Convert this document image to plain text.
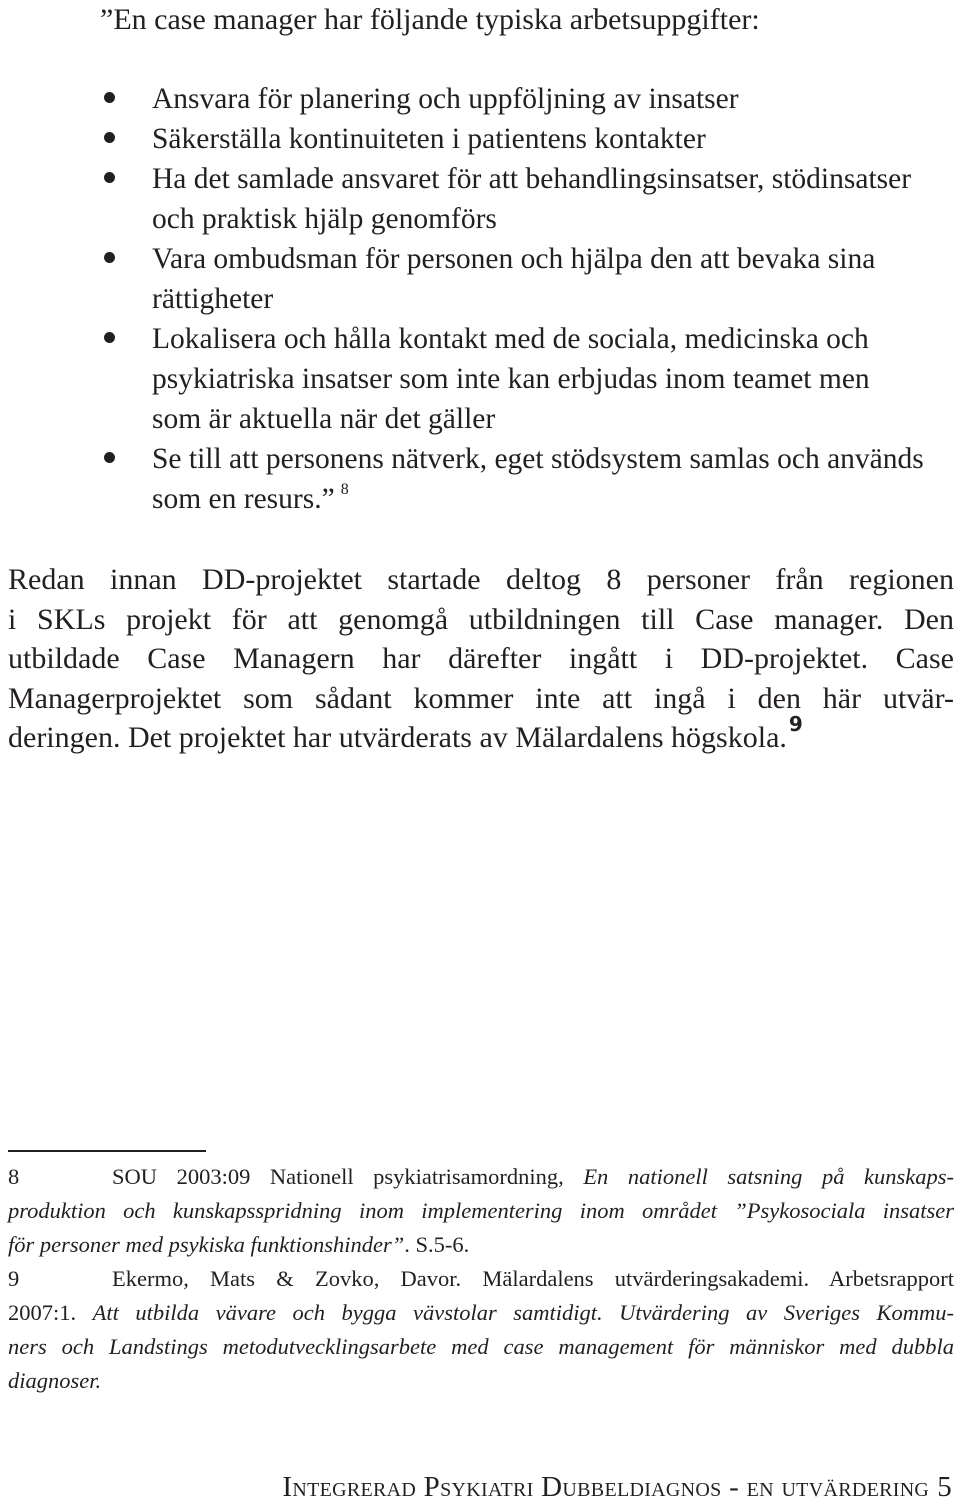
”En case manager har följande typiska arbetsuppgifter:

Ansvara för planering och uppföljning av insatser
Säkerställa kontinuiteten i patientens kontakter
Ha det samlade ansvaret för att behandlingsinsatser, stödinsatser
och praktisk hjälp genomförs
Vara ombudsman för personen och hjälpa den att bevaka sina
rättigheter
Lokalisera och hålla kontakt med de sociala, medicinska och
psykiatriska insatser som inte kan erbjudas inom teamet men
som är aktuella när det gäller
Se till att personens nätverk, eget stödsystem samlas och används
som en resurs.” $^8$
Redan innan DD-projektet startade deltog 8 personer från regionen
i SKLs projekt för att genomgå utbildningen till Case manager. Den
utbildade Case Managern har därefter ingått i DD-projektet. Case
Managerprojektet som sådant kommer inte att ingå i den här utvär-
deringen. Det projektet har utvärderats av Mälardalens högskola. $^9$
8	SOU 2003:09 Nationell psykiatrisamordning, En nationell satsning på kunskaps-
produktion och kunskapsspridning inom implementering inom området ”Psykosociala insatser
för personer med psykiska funktionshinder”. S.5-6.
9	Ekermo, Mats & Zovko, Davor. Mälardalens utvärderingsakademi. Arbetsrapport
2007:1. Att utbilda vävare och bygga vävstolar samtidigt. Utvärdering av Sveriges Kommu-
ners och Landstings metodutvecklingsarbete med case management för människor med dubbla
diagnoser.
Integrerad Psykiatri Dubbeldiagnos - en utvärdering 5
